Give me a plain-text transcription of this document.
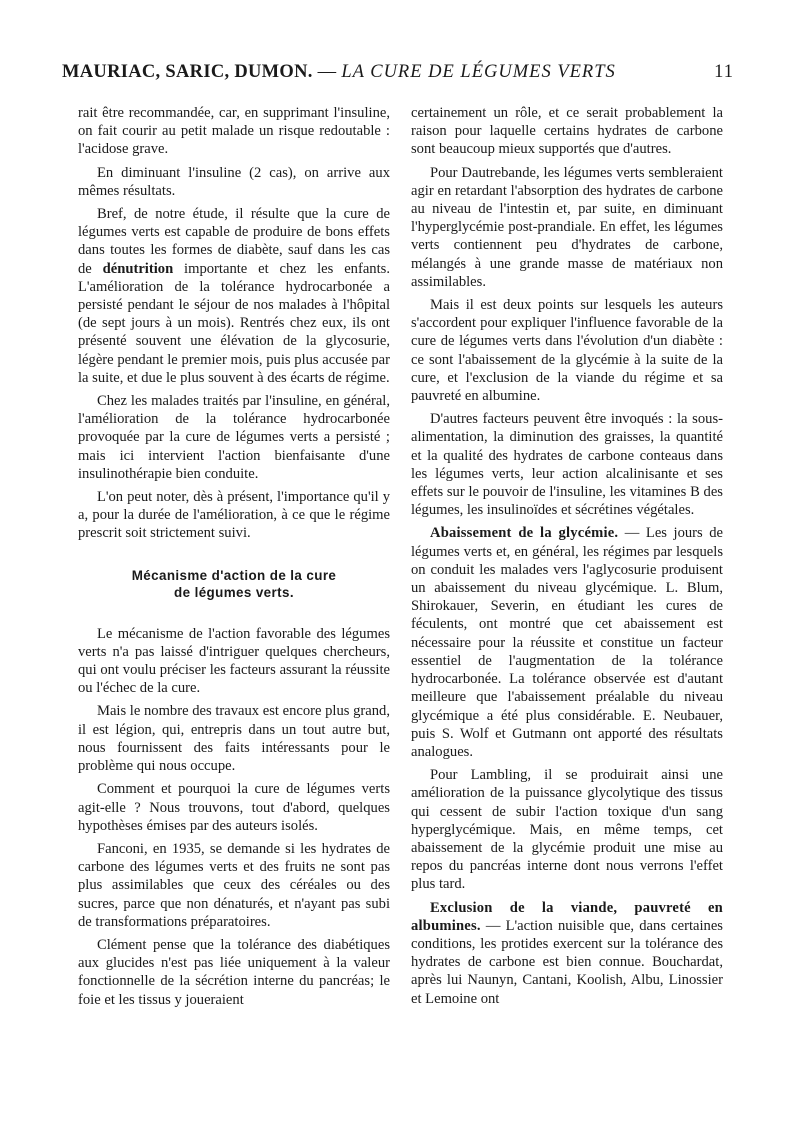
MAURIAC, SARIC, DUMON. — LA CURE DE LÉGUMES VERTS	11

rait être recommandée, car, en supprimant l'insuline, on fait courir au petit malade un risque redoutable : l'acidose grave.

En diminuant l'insuline (2 cas), on arrive aux mêmes résultats.

Bref, de notre étude, il résulte que la cure de légumes verts est capable de produire de bons effets dans toutes les formes de diabète, sauf dans les cas de dénutrition importante et chez les enfants. L'amélioration de la tolérance hydrocarbonée a persisté pendant le séjour de nos malades à l'hôpital (de sept jours à un mois). Rentrés chez eux, ils ont présenté souvent une élévation de la glycosurie, légère pendant le premier mois, puis plus accusée par la suite, et due le plus souvent à des écarts de régime.

Chez les malades traités par l'insuline, en général, l'amélioration de la tolérance hydrocarbonée provoquée par la cure de légumes verts a persisté ; mais ici intervient l'action bienfaisante d'une insulinothérapie bien conduite.

L'on peut noter, dès à présent, l'importance qu'il y a, pour la durée de l'amélioration, à ce que le régime prescrit soit strictement suivi.

Mécanisme d'action de la cure
de légumes verts.

Le mécanisme de l'action favorable des légumes verts n'a pas laissé d'intriguer quelques chercheurs, qui ont voulu préciser les facteurs assurant la réussite ou l'échec de la cure.

Mais le nombre des travaux est encore plus grand, il est légion, qui, entrepris dans un tout autre but, nous fournissent des faits intéressants pour le problème qui nous occupe.

Comment et pourquoi la cure de légumes verts agit-elle ? Nous trouvons, tout d'abord, quelques hypothèses émises par des auteurs isolés.

Fanconi, en 1935, se demande si les hydrates de carbone des légumes verts et des fruits ne sont pas plus assimilables que ceux des céréales ou des sucres, parce que non dénaturés, et n'ayant pas subi de transformations préparatoires.

Clément pense que la tolérance des diabétiques aux glucides n'est pas liée uniquement à la valeur fonctionnelle de la sécrétion interne du pancréas; le foie et les tissus y joueraient

certainement un rôle, et ce serait probablement la raison pour laquelle certains hydrates de carbone sont beaucoup mieux supportés que d'autres.

Pour Dautrebande, les légumes verts sembleraient agir en retardant l'absorption des hydrates de carbone au niveau de l'intestin et, par suite, en diminuant l'hyperglycémie post-prandiale. En effet, les légumes verts contiennent peu d'hydrates de carbone, mélangés à une grande masse de matériaux non assimilables.

Mais il est deux points sur lesquels les auteurs s'accordent pour expliquer l'influence favorable de la cure de légumes verts dans l'évolution d'un diabète : ce sont l'abaissement de la glycémie à la suite de la cure, et l'exclusion de la viande du régime et sa pauvreté en albumine.

D'autres facteurs peuvent être invoqués : la sous-alimentation, la diminution des graisses, la quantité et la qualité des hydrates de carbone conteaus dans les légumes verts, leur action alcalinisante et ses effets sur le pouvoir de l'insuline, les vitamines B des légumes, les insulinoïdes et sécrétines végétales.

Abaissement de la glycémie. — Les jours de légumes verts et, en général, les régimes par lesquels on conduit les malades vers l'aglycosurie produisent un abaissement du niveau glycémique. L. Blum, Shirokauer, Severin, en étudiant les cures de féculents, ont montré que cet abaissement est nécessaire pour la réussite et constitue un facteur essentiel de l'augmentation de la tolérance hydrocarbonée. La tolérance observée est d'autant meilleure que l'abaissement préalable du niveau glycémique a été plus considérable. E. Neubauer, puis S. Wolf et Gutmann ont apporté des résultats analogues.

Pour Lambling, il se produirait ainsi une amélioration de la puissance glycolytique des tissus qui cessent de subir l'action toxique d'un sang hyperglycémique. Mais, en même temps, cet abaissement de la glycémie produit une mise au repos du pancréas interne dont nous verrons l'effet plus tard.

Exclusion de la viande, pauvreté en albumines. — L'action nuisible que, dans certaines conditions, les protides exercent sur la tolérance des hydrates de carbone est bien connue. Bouchardat, après lui Naunyn, Cantani, Koolish, Albu, Linossier et Lemoine ont
